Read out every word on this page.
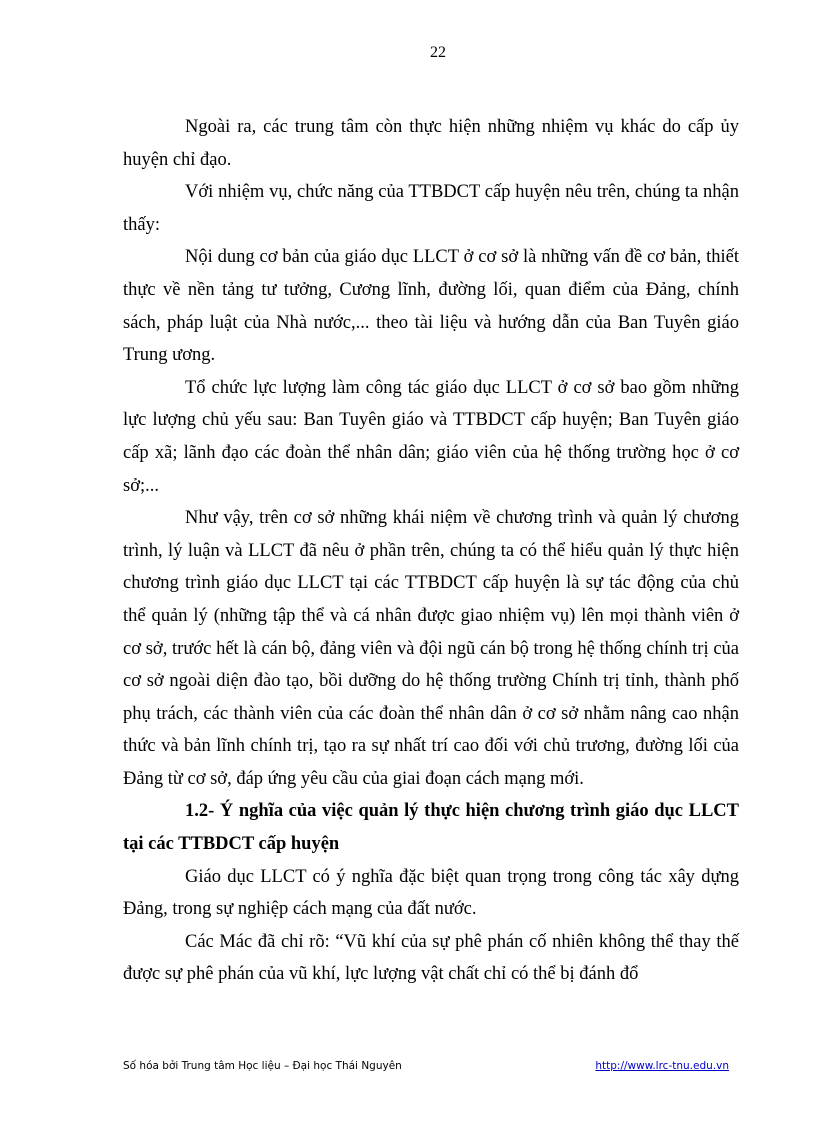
22

Ngoài ra, các trung tâm còn thực hiện những nhiệm vụ khác do cấp ủy huyện chỉ đạo.

Với nhiệm vụ, chức năng của TTBDCT cấp huyện nêu trên, chúng ta nhận thấy:

Nội dung cơ bản của giáo dục LLCT ở cơ sở là những vấn đề cơ bản, thiết thực về nền tảng tư tưởng, Cương lĩnh, đường lối, quan điểm của Đảng, chính sách, pháp luật của Nhà nước,... theo tài liệu và hướng dẫn của Ban Tuyên giáo Trung ương.

Tổ chức lực lượng làm công tác giáo dục LLCT ở cơ sở bao gồm những lực lượng chủ yếu sau: Ban Tuyên giáo và TTBDCT cấp huyện; Ban Tuyên giáo cấp xã; lãnh đạo các đoàn thể nhân dân; giáo viên của hệ thống trường học ở cơ sở;...

Như vậy, trên cơ sở những khái niệm về chương trình và quản lý chương trình, lý luận và LLCT đã nêu ở phần trên, chúng ta có thể hiểu quản lý thực hiện chương trình giáo dục LLCT tại các TTBDCT cấp huyện là sự tác động của chủ thể quản lý (những tập thể và cá nhân được giao nhiệm vụ) lên mọi thành viên ở cơ sở, trước hết là cán bộ, đảng viên và đội ngũ cán bộ trong hệ thống chính trị của cơ sở ngoài diện đào tạo, bồi dưỡng do hệ thống trường Chính trị tỉnh, thành phố phụ trách, các thành viên của các đoàn thể nhân dân ở cơ sở nhằm nâng cao nhận thức và bản lĩnh chính trị, tạo ra sự nhất trí cao đối với chủ trương, đường lối của Đảng từ cơ sở, đáp ứng yêu cầu của giai đoạn cách mạng mới.

1.2- Ý nghĩa của việc quản lý thực hiện chương trình giáo dục LLCT tại các TTBDCT cấp huyện

Giáo dục LLCT có ý nghĩa đặc biệt quan trọng trong công tác xây dựng Đảng, trong sự nghiệp cách mạng của đất nước.

Các Mác đã chỉ rõ: “Vũ khí của sự phê phán cố nhiên không thể thay thế được sự phê phán của vũ khí, lực lượng vật chất chỉ có thể bị đánh đổ

Số hóa bởi Trung tâm Học liệu – Đại học Thái Nguyên	http://www.lrc-tnu.edu.vn
